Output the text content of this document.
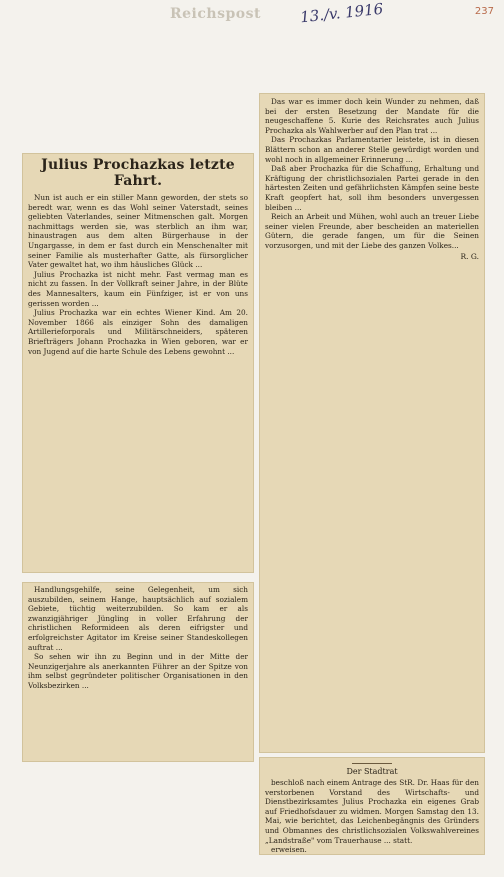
Reichspost	13./v. 1916	237
Julius Prochazkas letzte Fahrt.

Nun ist auch er ein stiller Mann geworden, der stets so beredt war, wenn es das Wohl seiner Vaterstadt, seines geliebten Vaterlandes, seiner Mitmenschen galt. Morgen nachmittags werden sie, was sterblich an ihm war, hinaustragen aus dem alten Bürgerhause in der Ungargasse, in dem er fast durch ein Menschenalter mit seiner Familie als musterhafter Gatte, als fürsorglicher Vater gewaltet hat, wo ihm häusliches Glück ...

Julius Prochazka ist nicht mehr. Fast vermag man es nicht zu fassen. In der Vollkraft seiner Jahre, in der Blüte des Mannesalters, kaum ein Fünfziger, ist er von uns gerissen worden ...

Julius Prochazka war ein echtes Wiener Kind. Am 20. November 1866 als einziger Sohn des damaligen Artillerieforporals und Militärschneiders, späteren Briefträgers Johann Prochazka in Wien geboren, war er von Jugend auf die harte Schule des Lebens gewohnt ...

Handlungsgehilfe, seine Gelegenheit, um sich auszubilden, seinem Hange, hauptsächlich auf sozialem Gebiete, tüchtig weiterzubilden. So kam er als zwanzigjähriger Jüngling in voller Erfahrung der christlichen Reformideen als deren eifrigster und erfolgreichster Agitator im Kreise seiner Standeskollegen auftrat ...

So sehen wir ihn zu Beginn und in der Mitte der Neunzigerjahre als anerkannten Führer an der Spitze von ihm selbst gegründeter politischer Organisationen in den Volksbezirken ...

Das war es immer doch kein Wunder zu nehmen, daß bei der ersten Besetzung der Mandate für die neugeschaffene 5. Kurie des Reichsrates auch Julius Prochazka als Wahlwerber auf den Plan trat ...

Das Prochazkas Parlamentarier leistete, ist in diesen Blättern schon an anderer Stelle gewürdigt worden und wohl noch in allgemeiner Erinnerung ...

Daß aber Prochazka für die Schaffung, Erhaltung und Kräftigung der christlichsozialen Partei gerade in den härtesten Zeiten und gefährlichsten Kämpfen seine beste Kraft geopfert hat, soll ihm besonders unvergessen bleiben ...

Reich an Arbeit und Mühen, wohl auch an treuer Liebe seiner vielen Freunde, aber bescheiden an materiellen Gütern, die gerade fangen, um für die Seinen vorzusorgen, und mit der Liebe des ganzen Volkes...

R. G.
Der Stadtrat

beschloß nach einem Antrage des StR. Dr. Haas für den verstorbenen Vorstand des Wirtschafts- und Dienstbezirksamtes Julius Prochazka ein eigenes Grab auf Friedhofsdauer zu widmen. Morgen Samstag den 13. Mai, wie berichtet, das Leichenbegängnis des Gründers und Obmannes des christlichsozialen Volkswahlvereines „Landstraße" vom Trauerhause ... statt.

erweisen.
